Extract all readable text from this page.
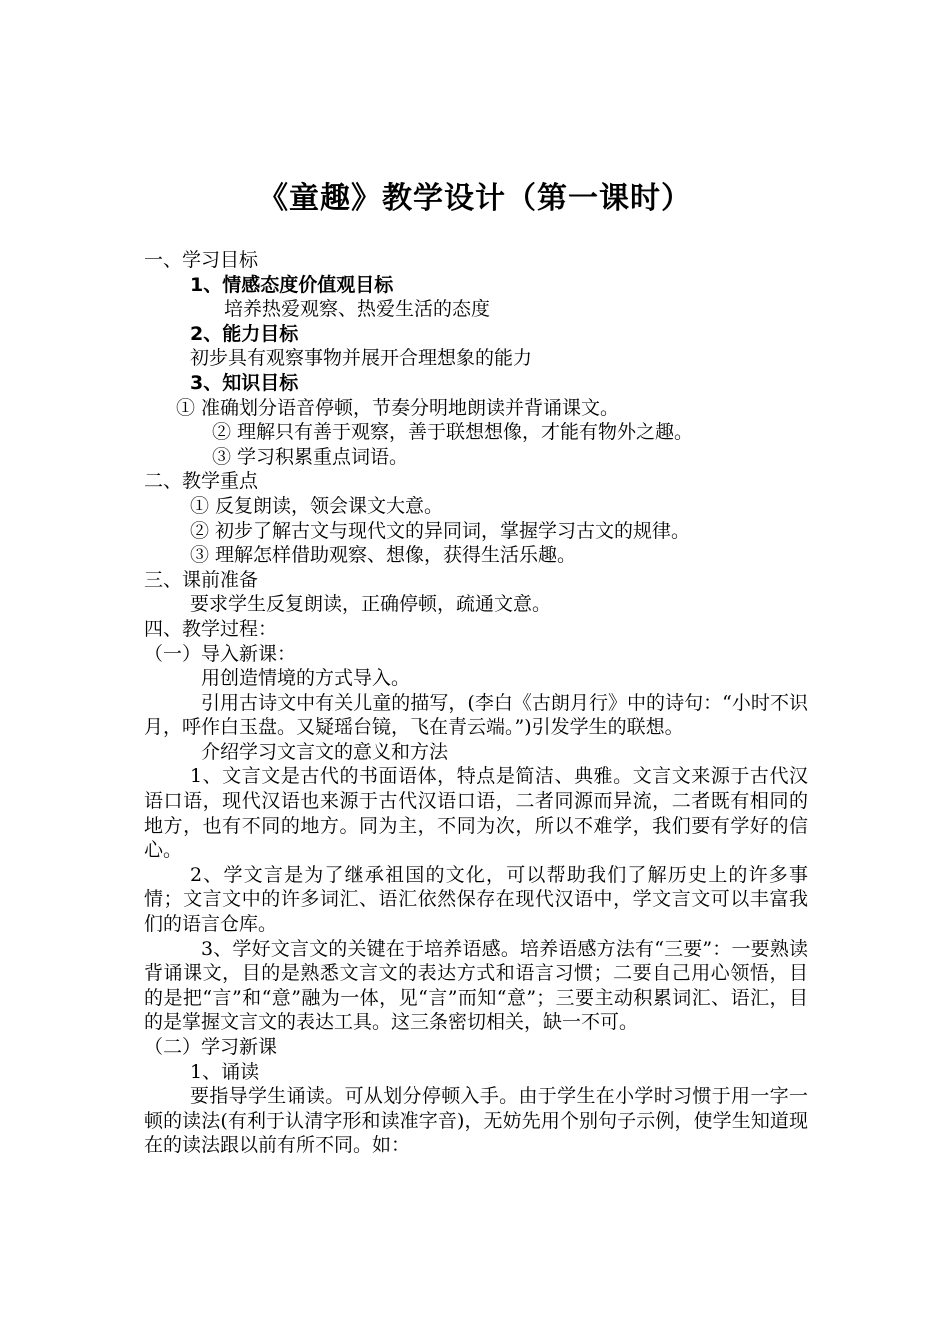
《童趣》教学设计（第一课时）

一、学习目标

1、情感态度价值观目标

培养热爱观察、热爱生活的态度

2、能力目标

初步具有观察事物并展开合理想象的能力

3、知识目标

① 准确划分语音停顿，节奏分明地朗读并背诵课文。

② 理解只有善于观察，善于联想想像，才能有物外之趣。

③ 学习积累重点词语。

二、教学重点

① 反复朗读，领会课文大意。

② 初步了解古文与现代文的异同词，掌握学习古文的规律。

③ 理解怎样借助观察、想像，获得生活乐趣。

三、课前准备

要求学生反复朗读，正确停顿，疏通文意。

四、教学过程：

（一）导入新课：

用创造情境的方式导入。

引用古诗文中有关儿童的描写，(李白《古朗月行》中的诗句：“小时不识月，呼作白玉盘。又疑瑶台镜，飞在青云端。”)引发学生的联想。

介绍学习文言文的意义和方法

1、文言文是古代的书面语体，特点是简洁、典雅。文言文来源于古代汉语口语，现代汉语也来源于古代汉语口语，二者同源而异流，二者既有相同的地方，也有不同的地方。同为主，不同为次，所以不难学，我们要有学好的信心。

2、学文言是为了继承祖国的文化，可以帮助我们了解历史上的许多事情；文言文中的许多词汇、语汇依然保存在现代汉语中，学文言文可以丰富我们的语言仓库。

3、学好文言文的关键在于培养语感。培养语感方法有“三要”：一要熟读背诵课文，目的是熟悉文言文的表达方式和语言习惯；二要自己用心领悟，目的是把“言”和“意”融为一体，见“言”而知“意”；三要主动积累词汇、语汇，目的是掌握文言文的表达工具。这三条密切相关，缺一不可。

（二）学习新课

1、诵读

要指导学生诵读。可从划分停顿入手。由于学生在小学时习惯于用一字一顿的读法(有利于认清字形和读准字音)，无妨先用个别句子示例，使学生知道现在的读法跟以前有所不同。如：
